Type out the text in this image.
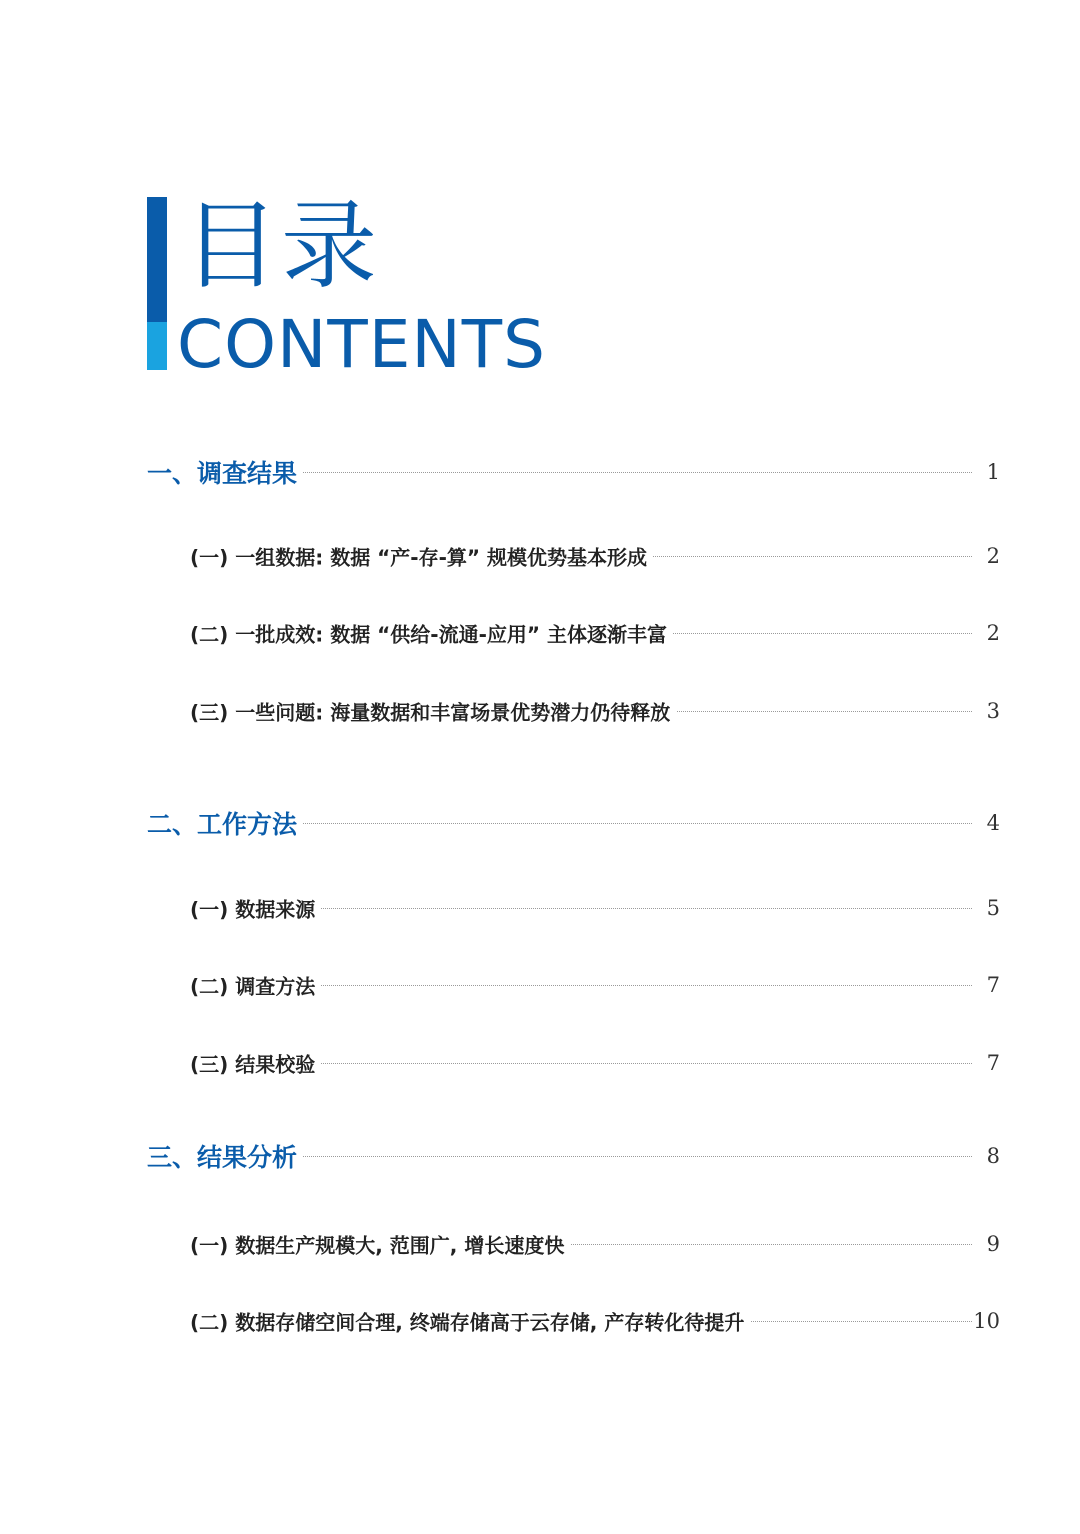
目录
CONTENTS
一、调查结果	1
(一) 一组数据: 数据 “产-存-算” 规模优势基本形成	2
(二) 一批成效: 数据 “供给-流通-应用” 主体逐渐丰富	2
(三) 一些问题: 海量数据和丰富场景优势潜力仍待释放	3
二、工作方法	4
(一) 数据来源	5
(二) 调查方法	7
(三) 结果校验	7
三、结果分析	8
(一) 数据生产规模大, 范围广, 增长速度快	9
(二) 数据存储空间合理, 终端存储高于云存储, 产存转化待提升	10
